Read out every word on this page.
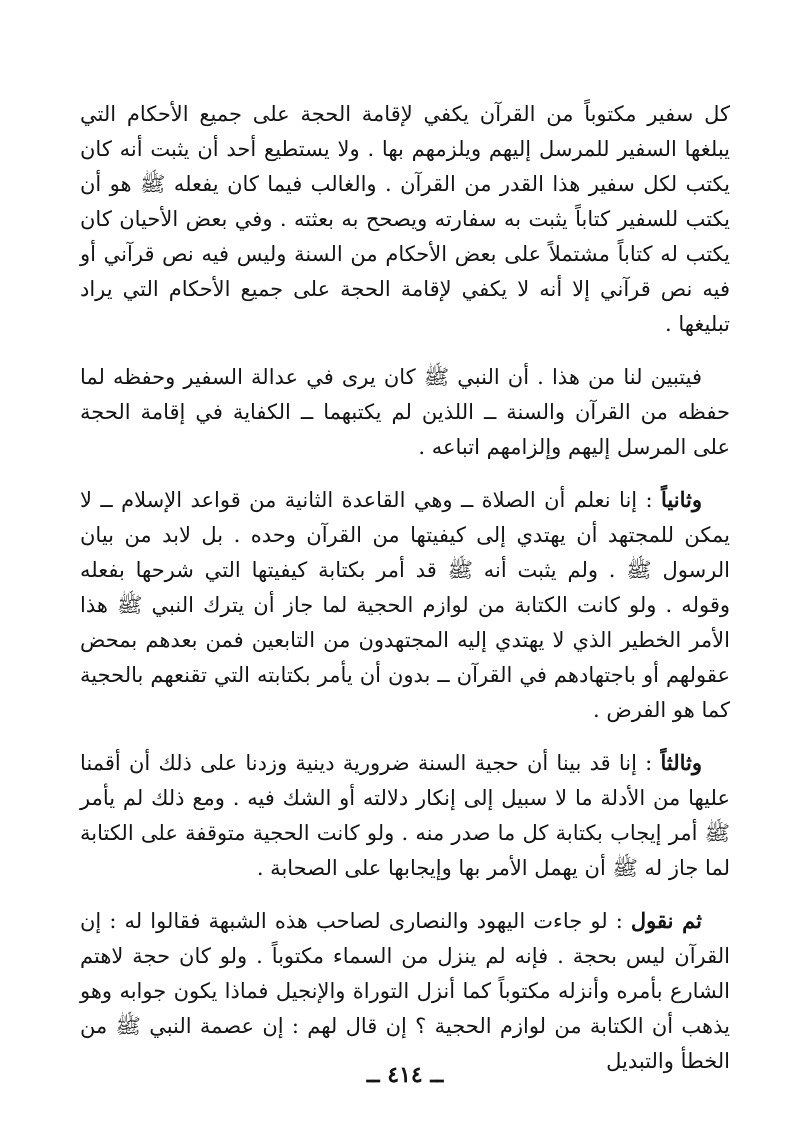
كل سفير مكتوباً من القرآن يكفي لإقامة الحجة على جميع الأحكام التي يبلغها السفير للمرسل إليهم ويلزمهم بها . ولا يستطيع أحد أن يثبت أنه كان يكتب لكل سفير هذا القدر من القرآن . والغالب فيما كان يفعله ﷺ هو أن يكتب للسفير كتاباً يثبت به سفارته ويصحح به بعثته . وفي بعض الأحيان كان يكتب له كتاباً مشتملاً على بعض الأحكام من السنة وليس فيه نص قرآني أو فيه نص قرآني إلا أنه لا يكفي لإقامة الحجة على جميع الأحكام التي يراد تبليغها .

فيتبين لنا من هذا . أن النبي ﷺ كان يرى في عدالة السفير وحفظه لما حفظه من القرآن والسنة ــ اللذين لم يكتبهما ــ الكفاية في إقامة الحجة على المرسل إليهم وإلزامهم اتباعه .

وثانياً : إنا نعلم أن الصلاة ــ وهي القاعدة الثانية من قواعد الإسلام ــ لا يمكن للمجتهد أن يهتدي إلى كيفيتها من القرآن وحده . بل لابد من بيان الرسول ﷺ . ولم يثبت أنه ﷺ قد أمر بكتابة كيفيتها التي شرحها بفعله وقوله . ولو كانت الكتابة من لوازم الحجية لما جاز أن يترك النبي ﷺ هذا الأمر الخطير الذي لا يهتدي إليه المجتهدون من التابعين فمن بعدهم بمحض عقولهم أو باجتهادهم في القرآن ــ بدون أن يأمر بكتابته التي تقنعهم بالحجية كما هو الفرض .

وثالثاً : إنا قد بينا أن حجية السنة ضرورية دينية وزدنا على ذلك أن أقمنا عليها من الأدلة ما لا سبيل إلى إنكار دلالته أو الشك فيه . ومع ذلك لم يأمر ﷺ أمر إيجاب بكتابة كل ما صدر منه . ولو كانت الحجية متوقفة على الكتابة لما جاز له ﷺ أن يهمل الأمر بها وإيجابها على الصحابة .

ثم نقول : لو جاءت اليهود والنصارى لصاحب هذه الشبهة فقالوا له : إن القرآن ليس بحجة . فإنه لم ينزل من السماء مكتوباً . ولو كان حجة لاهتم الشارع بأمره وأنزله مكتوباً كما أنزل التوراة والإنجيل فماذا يكون جوابه وهو يذهب أن الكتابة من لوازم الحجية ؟ إن قال لهم : إن عصمة النبي ﷺ من الخطأ والتبديل

ــ ٤١٤ ــ
